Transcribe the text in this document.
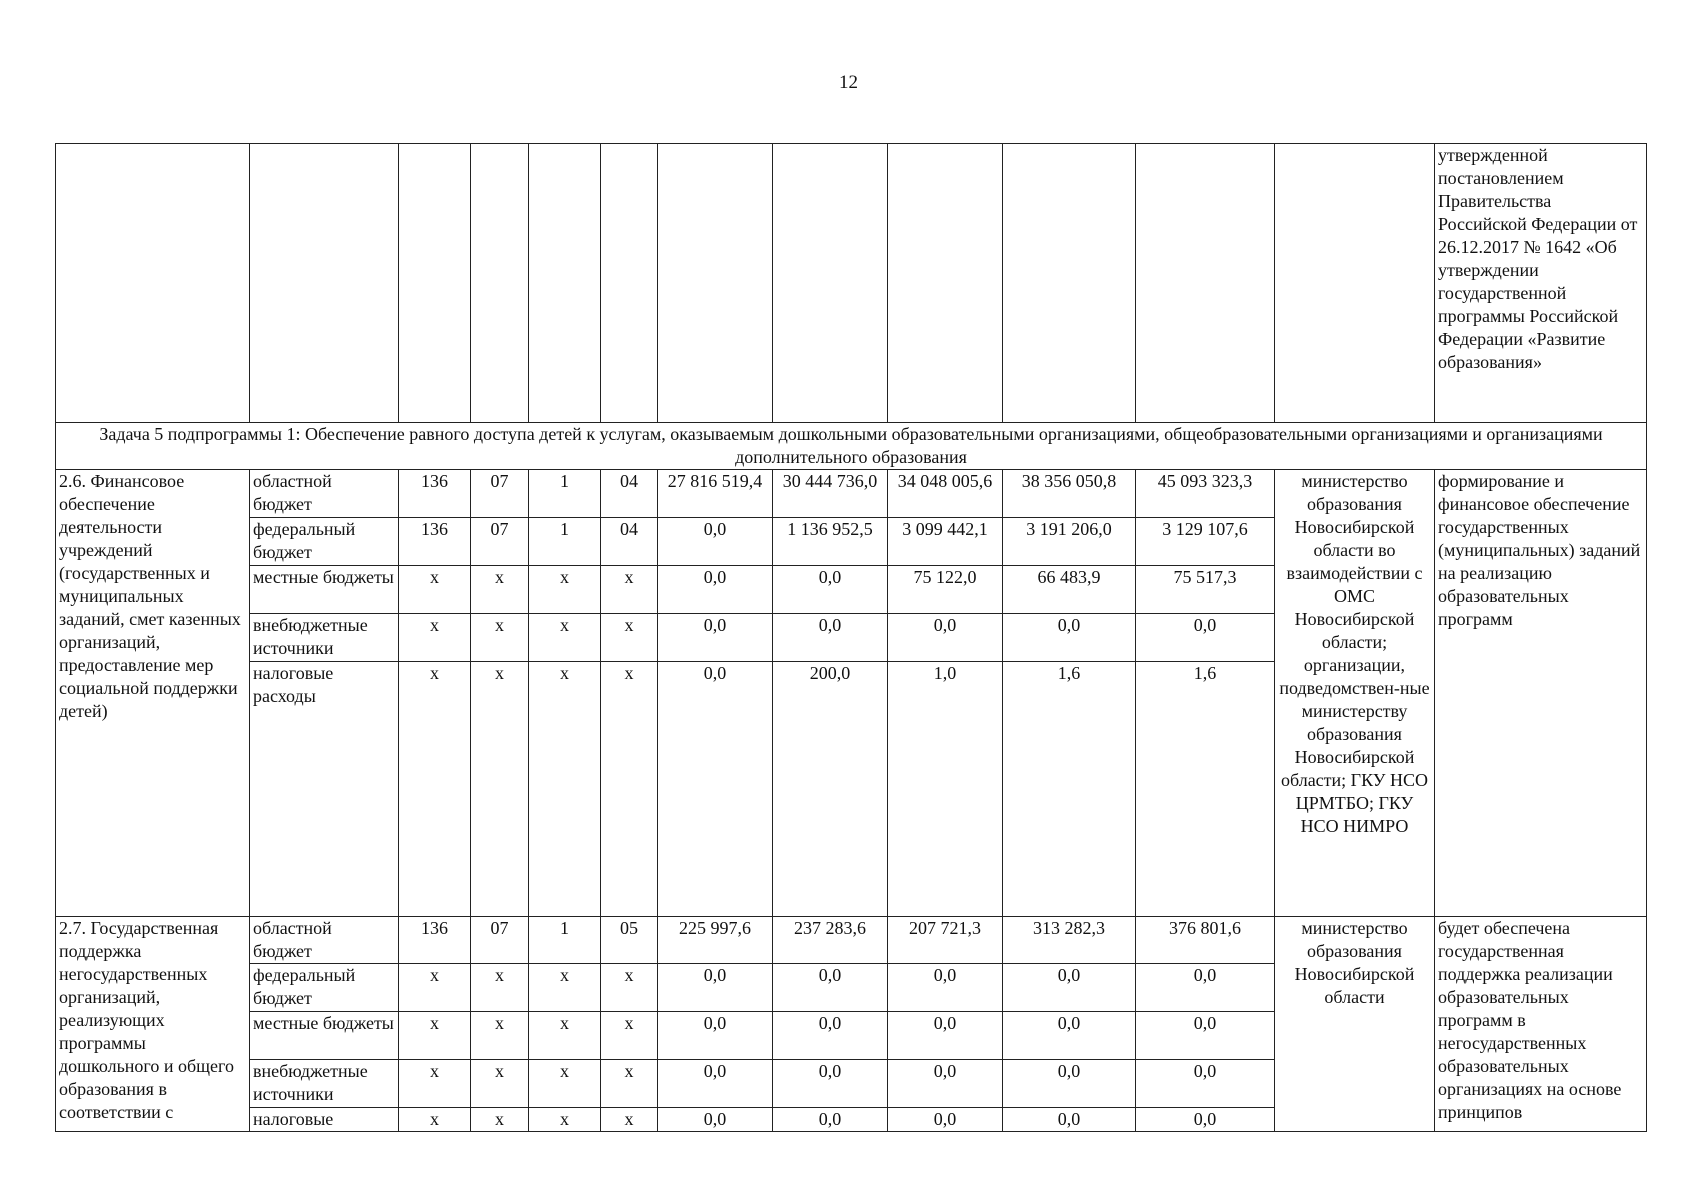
12
												утвержденной постановлением Правительства Российской Федерации от 26.12.2017 № 1642 «Об утверждении государственной программы Российской Федерации «Развитие образования»
Задача 5 подпрограммы 1: Обеспечение равного доступа детей к услугам, оказываемым дошкольными образовательными организациями, общеобразовательными организациями и организациями дополнительного образования												
2.6. Финансовое обеспечение деятельности учреждений (государственных и муниципальных заданий, смет казенных организаций, предоставление мер социальной поддержки детей)	областной бюджет	136	07	1	04	27 816 519,4	30 444 736,0	34 048 005,6	38 356 050,8	45 093 323,3	министерство образования Новосибирской области во взаимодействии с ОМС Новосибирской области; организации, подведомствен-ные министерству образования Новосибирской области; ГКУ НСО ЦРМТБО; ГКУ НСО НИМРО	формирование и финансовое обеспечение государственных (муниципальных) заданий на реализацию образовательных программ
	федеральный бюджет	136	07	1	04	0,0	1 136 952,5	3 099 442,1	3 191 206,0	3 129 107,6		
	местные бюджеты	х	х	х	х	0,0	0,0	75 122,0	66 483,9	75 517,3		
	внебюджетные источники	х	х	х	х	0,0	0,0	0,0	0,0	0,0		
	налоговые расходы	х	х	х	х	0,0	200,0	1,0	1,6	1,6		
2.7. Государственная поддержка негосударственных организаций, реализующих программы дошкольного и общего образования в соответствии с	областной бюджет	136	07	1	05	225 997,6	237 283,6	207 721,3	313 282,3	376 801,6	министерство образования Новосибирской области	будет обеспечена государственная поддержка реализации образовательных программ в негосударственных образовательных организациях на основе принципов
	федеральный бюджет	х	х	х	х	0,0	0,0	0,0	0,0	0,0		
	местные бюджеты	х	х	х	х	0,0	0,0	0,0	0,0	0,0		
	внебюджетные источники	х	х	х	х	0,0	0,0	0,0	0,0	0,0		
	налоговые	х	х	х	х	0,0	0,0	0,0	0,0	0,0		
